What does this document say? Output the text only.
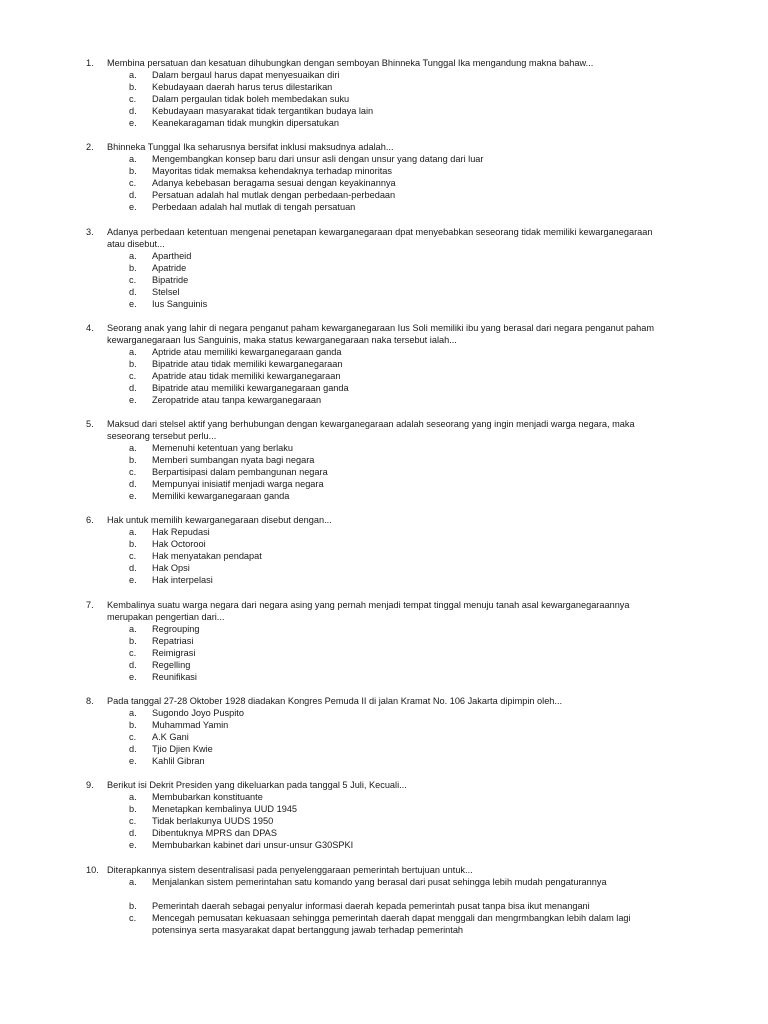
1. Membina persatuan dan kesatuan dihubungkan dengan semboyan Bhinneka Tunggal Ika mengandung makna bahaw...
a. Dalam bergaul harus dapat menyesuaikan diri
b. Kebudayaan daerah harus terus dilestarikan
c. Dalam pergaulan tidak boleh membedakan suku
d. Kebudayaan masyarakat tidak tergantikan budaya lain
e. Keanekaragaman tidak mungkin dipersatukan
2. Bhinneka Tunggal Ika seharusnya bersifat inklusi maksudnya adalah...
a. Mengembangkan konsep baru dari unsur asli dengan unsur yang datang dari luar
b. Mayoritas tidak memaksa kehendaknya terhadap minoritas
c. Adanya kebebasan beragama sesuai dengan keyakinannya
d. Persatuan adalah hal mutlak dengan perbedaan-perbedaan
e. Perbedaan adalah hal mutlak di tengah persatuan
3. Adanya perbedaan ketentuan mengenai penetapan kewarganegaraan dpat menyebabkan seseorang tidak memiliki kewarganegaraan atau disebut...
a. Apartheid
b. Apatride
c. Bipatride
d. Stelsel
e. Ius Sanguinis
4. Seorang anak yang lahir di negara penganut paham kewarganegaraan Ius Soli memiliki ibu yang berasal dari negara penganut paham kewarganegaraan Ius Sanguinis, maka status kewarganegaraan naka tersebut ialah...
a. Aptride atau memiliki kewarganegaraan ganda
b. Bipatride atau tidak memiliki kewarganegaraan
c. Apatride atau tidak memiliki kewarganegaraan
d. Bipatride atau memiliki kewarganegaraan ganda
e. Zeropatride atau tanpa kewarganegaraan
5. Maksud dari stelsel aktif yang berhubungan dengan kewarganegaraan adalah seseorang yang ingin menjadi warga negara, maka seseorang tersebut perlu...
a. Memenuhi ketentuan yang berlaku
b. Memberi sumbangan nyata bagi negara
c. Berpartisipasi dalam pembangunan negara
d. Mempunyai inisiatif menjadi warga negara
e. Memiliki kewarganegaraan ganda
6. Hak untuk memilih kewarganegaraan disebut dengan...
a. Hak Repudasi
b. Hak Octorooi
c. Hak menyatakan pendapat
d. Hak Opsi
e. Hak interpelasi
7. Kembalinya suatu warga negara dari negara asing yang pernah menjadi tempat tinggal menuju tanah asal kewarganegaraannya merupakan pengertian dari...
a. Regrouping
b. Repatriasi
c. Reimigrasi
d. Regelling
e. Reunifikasi
8. Pada tanggal 27-28 Oktober 1928 diadakan Kongres Pemuda II di jalan Kramat No. 106 Jakarta dipimpin oleh...
a. Sugondo Joyo Puspito
b. Muhammad Yamin
c. A.K Gani
d. Tjio Djien Kwie
e. Kahlil Gibran
9. Berikut isi Dekrit Presiden yang dikeluarkan pada tanggal 5 Juli, Kecuali...
a. Membubarkan konstituante
b. Menetapkan kembalinya UUD 1945
c. Tidak berlakunya UUDS 1950
d. Dibentuknya MPRS dan DPAS
e. Membubarkan kabinet dari unsur-unsur G30SPKI
10. Diterapkannya sistem desentralisasi pada penyelenggaraan pemerintah bertujuan untuk...
a. Menjalankan sistem pemerintahan satu komando yang berasal dari pusat sehingga lebih mudah pengaturannya
b. Pemerintah daerah sebagai penyalur informasi daerah kepada pemerintah pusat tanpa bisa ikut menangani
c. Mencegah pemusatan kekuasaan sehingga pemerintah daerah dapat menggali dan mengrmbangkan lebih dalam lagi potensinya serta masyarakat dapat bertanggung jawab terhadap pemerintah
